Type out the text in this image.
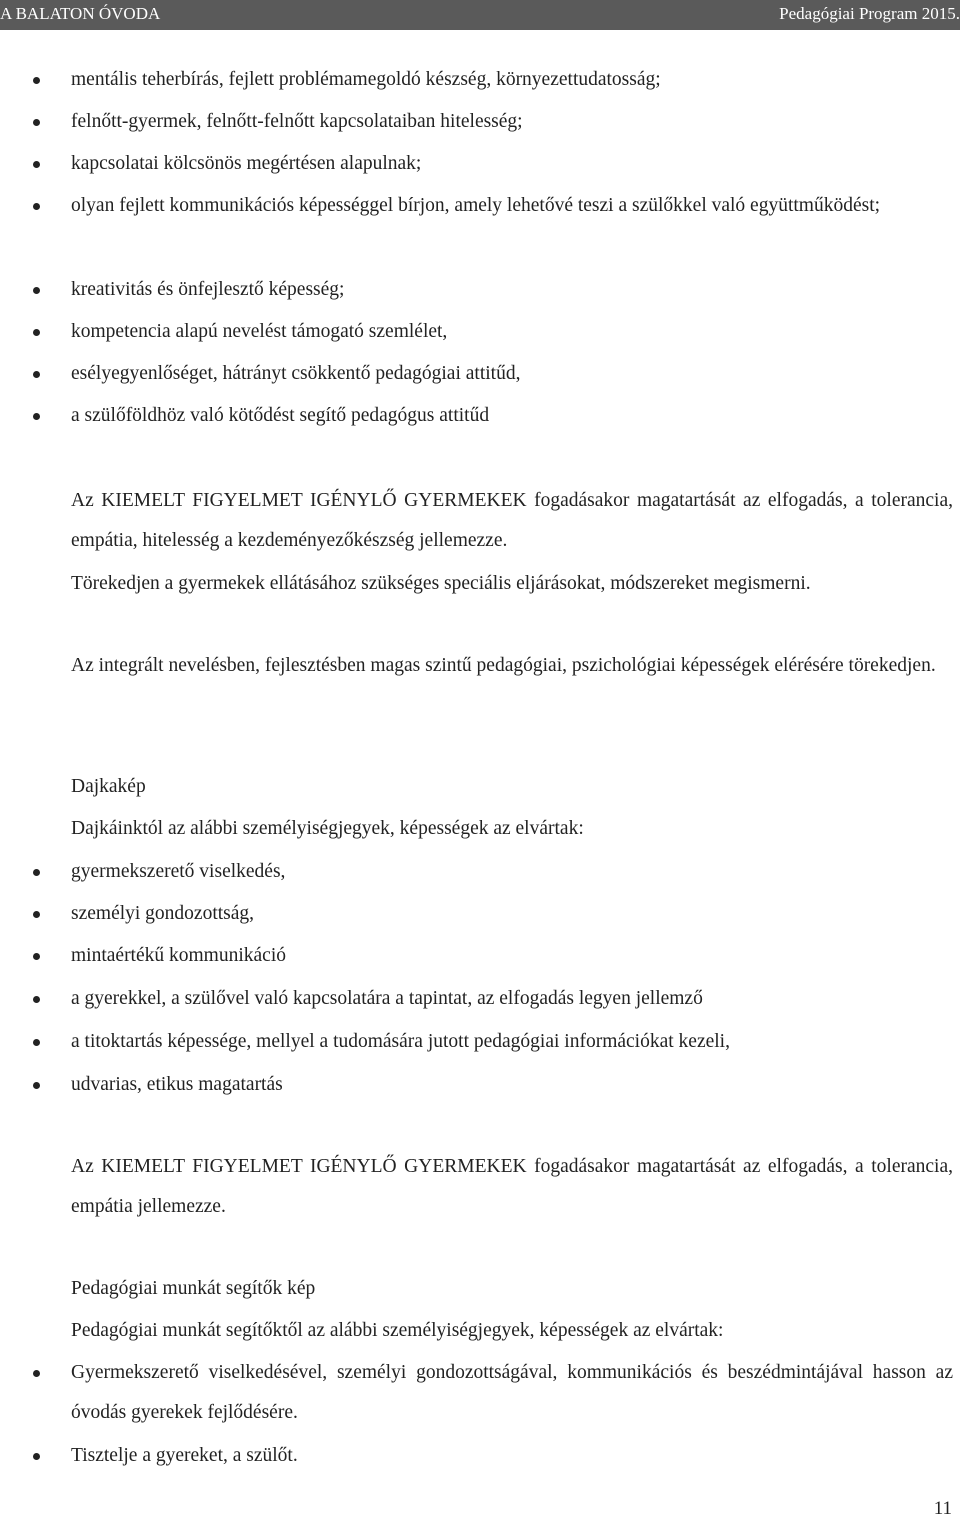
A BALATON ÓVODA	Pedagógiai Program 2015.
mentális teherbírás, fejlett problémamegoldó készség, környezettudatosság;
felnőtt-gyermek, felnőtt-felnőtt kapcsolataiban hitelesség;
kapcsolatai kölcsönös megértésen alapulnak;
olyan fejlett kommunikációs képességgel bírjon, amely lehetővé teszi a szülőkkel való együttműködést;
kreativitás és önfejlesztő képesség;
kompetencia alapú nevelést támogató szemlélet,
esélyegyenlőséget, hátrányt csökkentő pedagógiai attitűd,
a szülőföldhöz való kötődést segítő pedagógus attitűd
Az KIEMELT FIGYELMET IGÉNYLŐ GYERMEKEK fogadásakor magatartását az elfogadás, a tolerancia, empátia, hitelesség a kezdeményezőkészség jellemezze.
Törekedjen a gyermekek ellátásához szükséges speciális eljárásokat, módszereket megismerni.
Az integrált nevelésben, fejlesztésben magas szintű pedagógiai, pszichológiai képességek elérésére törekedjen.
Dajkakép
Dajkáinktól az alábbi személyiségjegyek, képességek az elvártak:
gyermekszerető viselkedés,
személyi gondozottság,
mintaértékű kommunikáció
a gyerekkel, a szülővel való kapcsolatára a tapintat, az elfogadás legyen jellemző
a titoktartás képessége, mellyel a tudomására jutott pedagógiai információkat kezeli,
udvarias, etikus magatartás
Az KIEMELT FIGYELMET IGÉNYLŐ GYERMEKEK fogadásakor magatartását az elfogadás, a tolerancia, empátia jellemezze.
Pedagógiai munkát segítők kép
Pedagógiai munkát segítőktől az alábbi személyiségjegyek, képességek az elvártak:
Gyermekszerető viselkedésével, személyi gondozottságával, kommunikációs és beszédmintájával hasson az óvodás gyerekek fejlődésére.
Tisztelje a gyereket, a szülőt.
11
